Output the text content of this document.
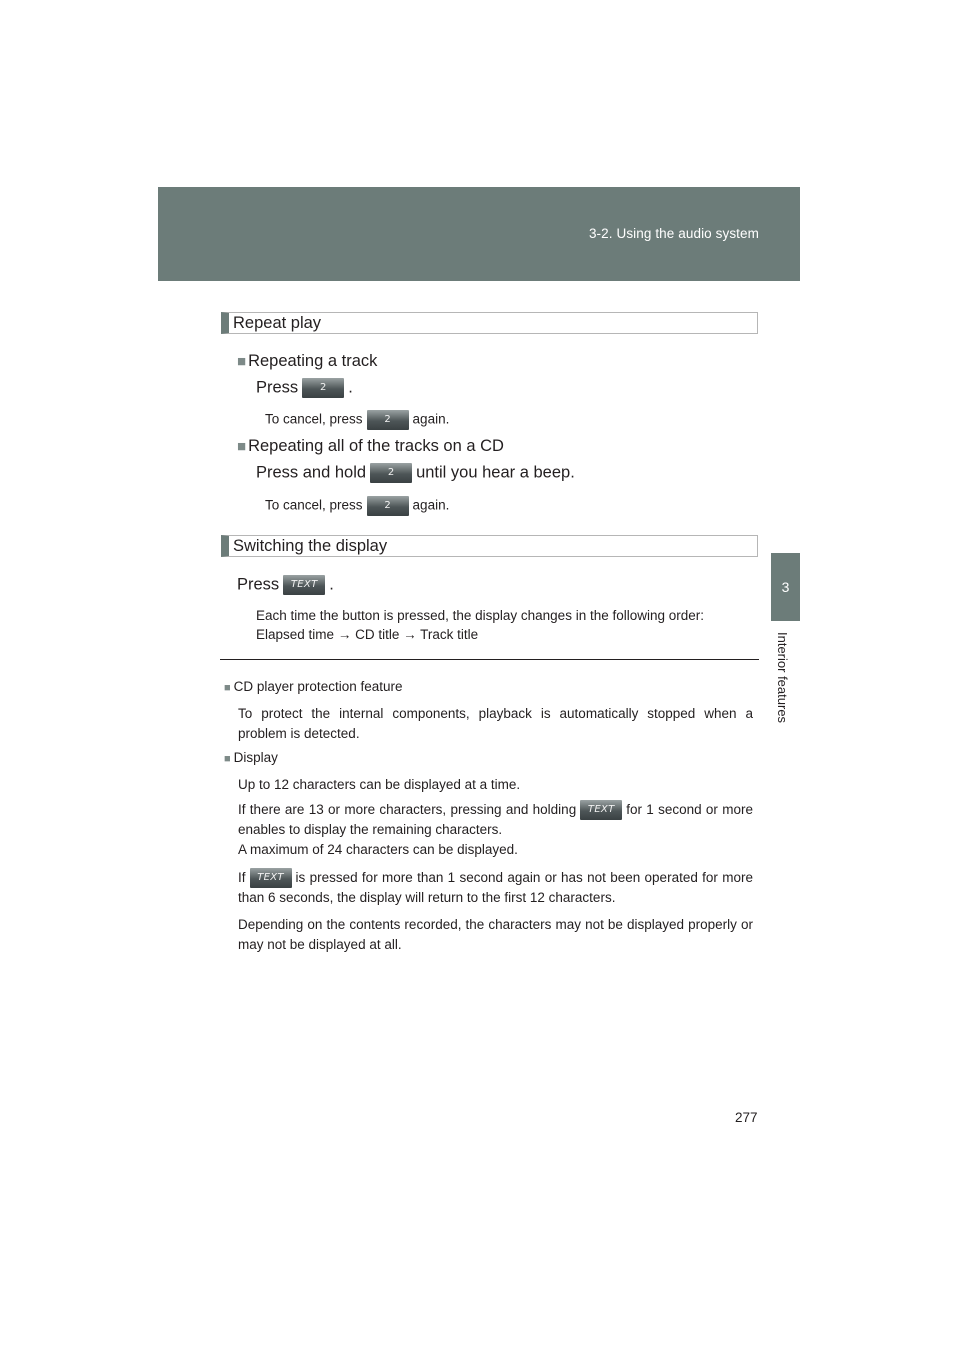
3-2. Using the audio system
3
Interior features
Repeat play
■ Repeating a track
Press 2 .
To cancel, press 2 again.
■ Repeating all of the tracks on a CD
Press and hold 2 until you hear a beep.
To cancel, press 2 again.
Switching the display
Press TEXT .
Each time the button is pressed, the display changes in the following order:
Elapsed time → CD title → Track title
■ CD player protection feature
To protect the internal components, playback is automatically stopped when a problem is detected.
■ Display
Up to 12 characters can be displayed at a time.
If there are 13 or more characters, pressing and holding TEXT for 1 second or more enables to display the remaining characters.
A maximum of 24 characters can be displayed.
If TEXT is pressed for more than 1 second again or has not been operated for more than 6 seconds, the display will return to the first 12 characters.
Depending on the contents recorded, the characters may not be displayed properly or may not be displayed at all.
277
